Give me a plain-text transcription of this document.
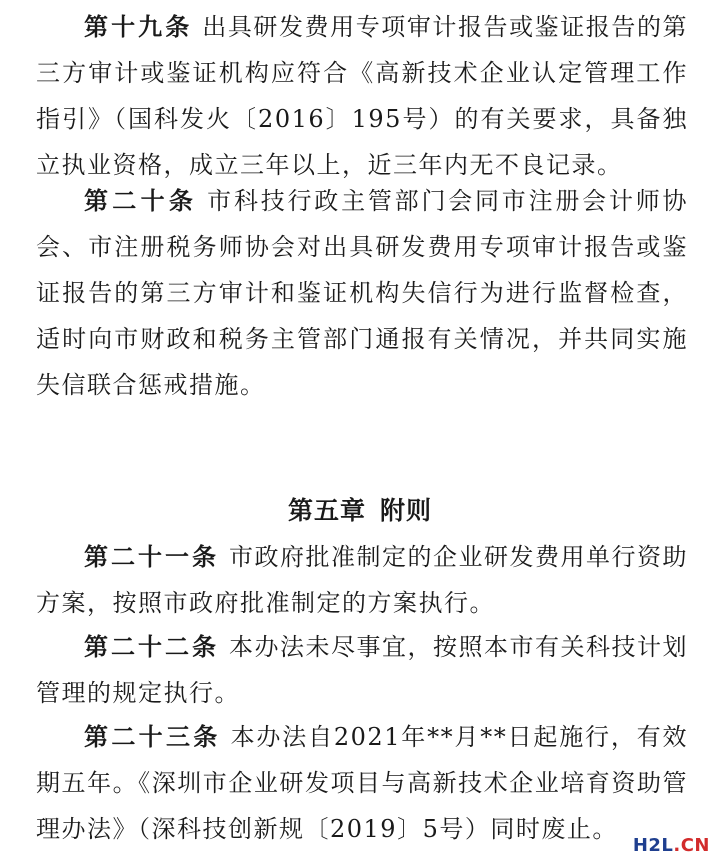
第十九条 出具研发费用专项审计报告或鉴证报告的第三方审计或鉴证机构应符合《高新技术企业认定管理工作指引》（国科发火〔2016〕195号）的有关要求，具备独立执业资格，成立三年以上，近三年内无不良记录。

第二十条 市科技行政主管部门会同市注册会计师协会、市注册税务师协会对出具研发费用专项审计报告或鉴证报告的第三方审计和鉴证机构失信行为进行监督检查，适时向市财政和税务主管部门通报有关情况，并共同实施失信联合惩戒措施。

第五章 附则

第二十一条 市政府批准制定的企业研发费用单行资助方案，按照市政府批准制定的方案执行。

第二十二条 本办法未尽事宜，按照本市有关科技计划管理的规定执行。

第二十三条 本办法自2021年**月**日起施行，有效期五年。《深圳市企业研发项目与高新技术企业培育资助管理办法》（深科技创新规〔2019〕5号）同时废止。

H2L.CN
